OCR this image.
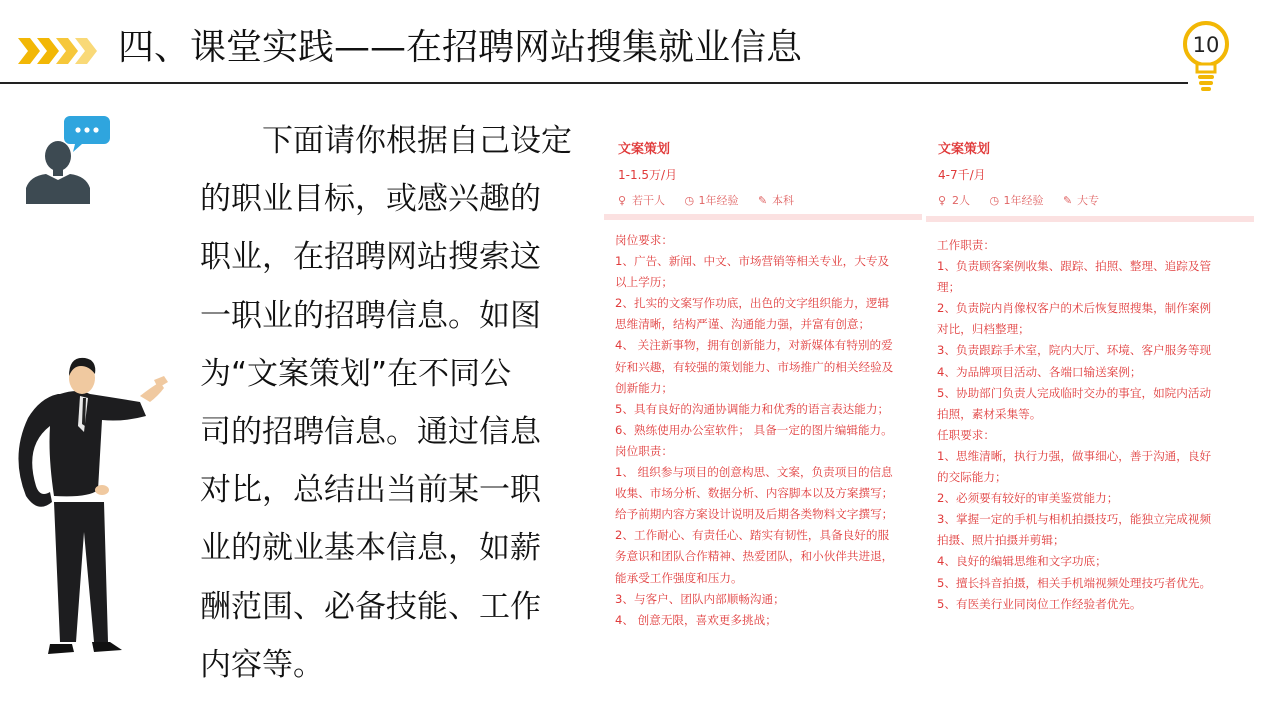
四、课堂实践——在招聘网站搜集就业信息	10
　　下面请你根据自己设定
的职业目标，或感兴趣的
职业，在招聘网站搜索这
一职业的招聘信息。如图
为“文案策划”在不同公
司的招聘信息。通过信息
对比，总结出当前某一职
业的就业基本信息，如薪
酬范围、必备技能、工作
内容等。
文案策划
1-1.5万/月
♀ 若干人 ◷ 1年经验 ✎ 本科
岗位要求：
1、广告、新闻、中文、市场营销等相关专业，大专及
以上学历；
2、扎实的文案写作功底，出色的文字组织能力，逻辑
思维清晰，结构严谨、沟通能力强，并富有创意；
4、 关注新事物，拥有创新能力，对新媒体有特别的爱
好和兴趣，有较强的策划能力、市场推广的相关经验及
创新能力；
5、具有良好的沟通协调能力和优秀的语言表达能力；
6、熟练使用办公室软件； 具备一定的图片编辑能力。
岗位职责：
1、 组织参与项目的创意构思、文案，负责项目的信息
收集、市场分析、数据分析、内容脚本以及方案撰写；
给予前期内容方案设计说明及后期各类物料文字撰写；
2、工作耐心、有责任心、踏实有韧性，具备良好的服
务意识和团队合作精神、热爱团队，和小伙伴共进退，
能承受工作强度和压力。
3、与客户、团队内部顺畅沟通；
4、 创意无限，喜欢更多挑战；
文案策划
4-7千/月
♀ 2人 ◷ 1年经验 ✎ 大专
工作职责：
1、负责顾客案例收集、跟踪、拍照、整理、追踪及管
理；
2、负责院内肖像权客户的术后恢复照搜集，制作案例
对比，归档整理；
3、负责跟踪手术室，院内大厅、环境、客户服务等现
4、为品牌项目活动、各端口输送案例；
5、协助部门负责人完成临时交办的事宜，如院内活动
拍照，素材采集等。
任职要求：
1、思维清晰，执行力强，做事细心，善于沟通，良好
的交际能力；
2、必须要有较好的审美鉴赏能力；
3、掌握一定的手机与相机拍摄技巧，能独立完成视频
拍摄、照片拍摄并剪辑；
4、良好的编辑思维和文字功底；
5、擅长抖音拍摄，相关手机端视频处理技巧者优先。
5、有医美行业同岗位工作经验者优先。
